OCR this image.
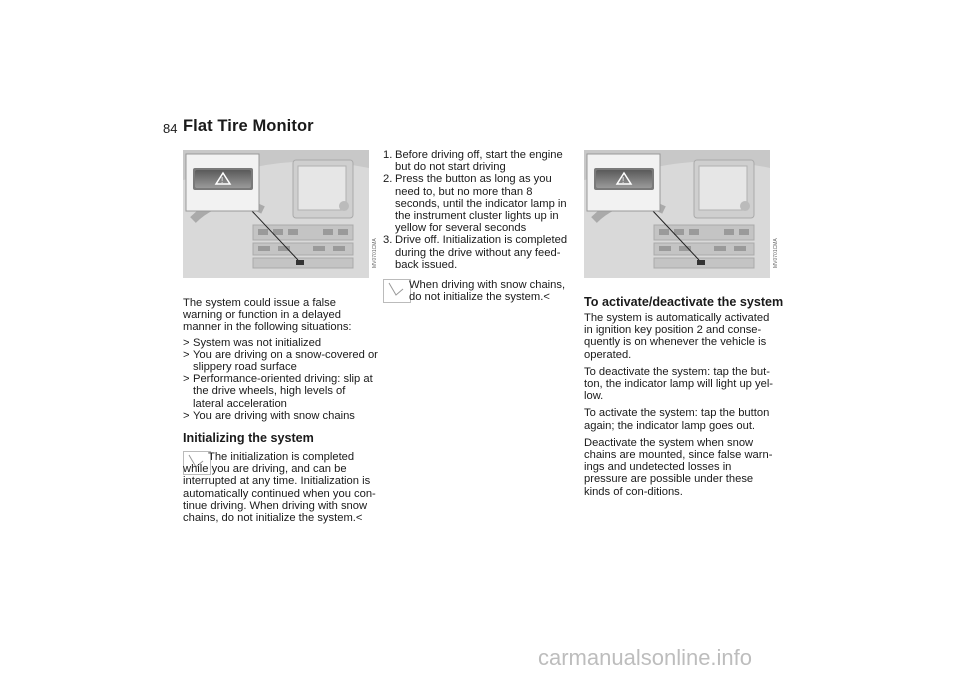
84 Flat Tire Monitor
!
MV0701CMA
!
MV0701CMA

The system could issue a false warning or function in a delayed manner in the following situations:

> System was not initialized
> You are driving on a snow-covered or slippery road surface
> Performance-oriented driving: slip at the drive wheels, high levels of lateral acceleration
> You are driving with snow chains
Initializing the system
The initialization is completed while you are driving, and can be interrupted at any time. Initialization is automatically continued when you con-tinue driving. When driving with snow chains, do not initialize the system.<
1. Before driving off, start the engine but do not start driving
2. Press the button as long as you need to, but no more than 8 seconds, until the indicator lamp in the instrument cluster lights up in yellow for several seconds
3. Drive off. Initialization is completed during the drive without any feed-back issued.
When driving with snow chains, do not initialize the system.<	To activate/deactivate the system

The system is automatically activated in ignition key position 2 and conse-quently is on whenever the vehicle is operated.

To deactivate the system: tap the but-ton, the indicator lamp will light up yel-low.

To activate the system: tap the button again; the indicator lamp goes out.

Deactivate the system when snow chains are mounted, since false warn-ings and undetected losses in pressure are possible under these kinds of con-ditions.

carmanualsonline.info
